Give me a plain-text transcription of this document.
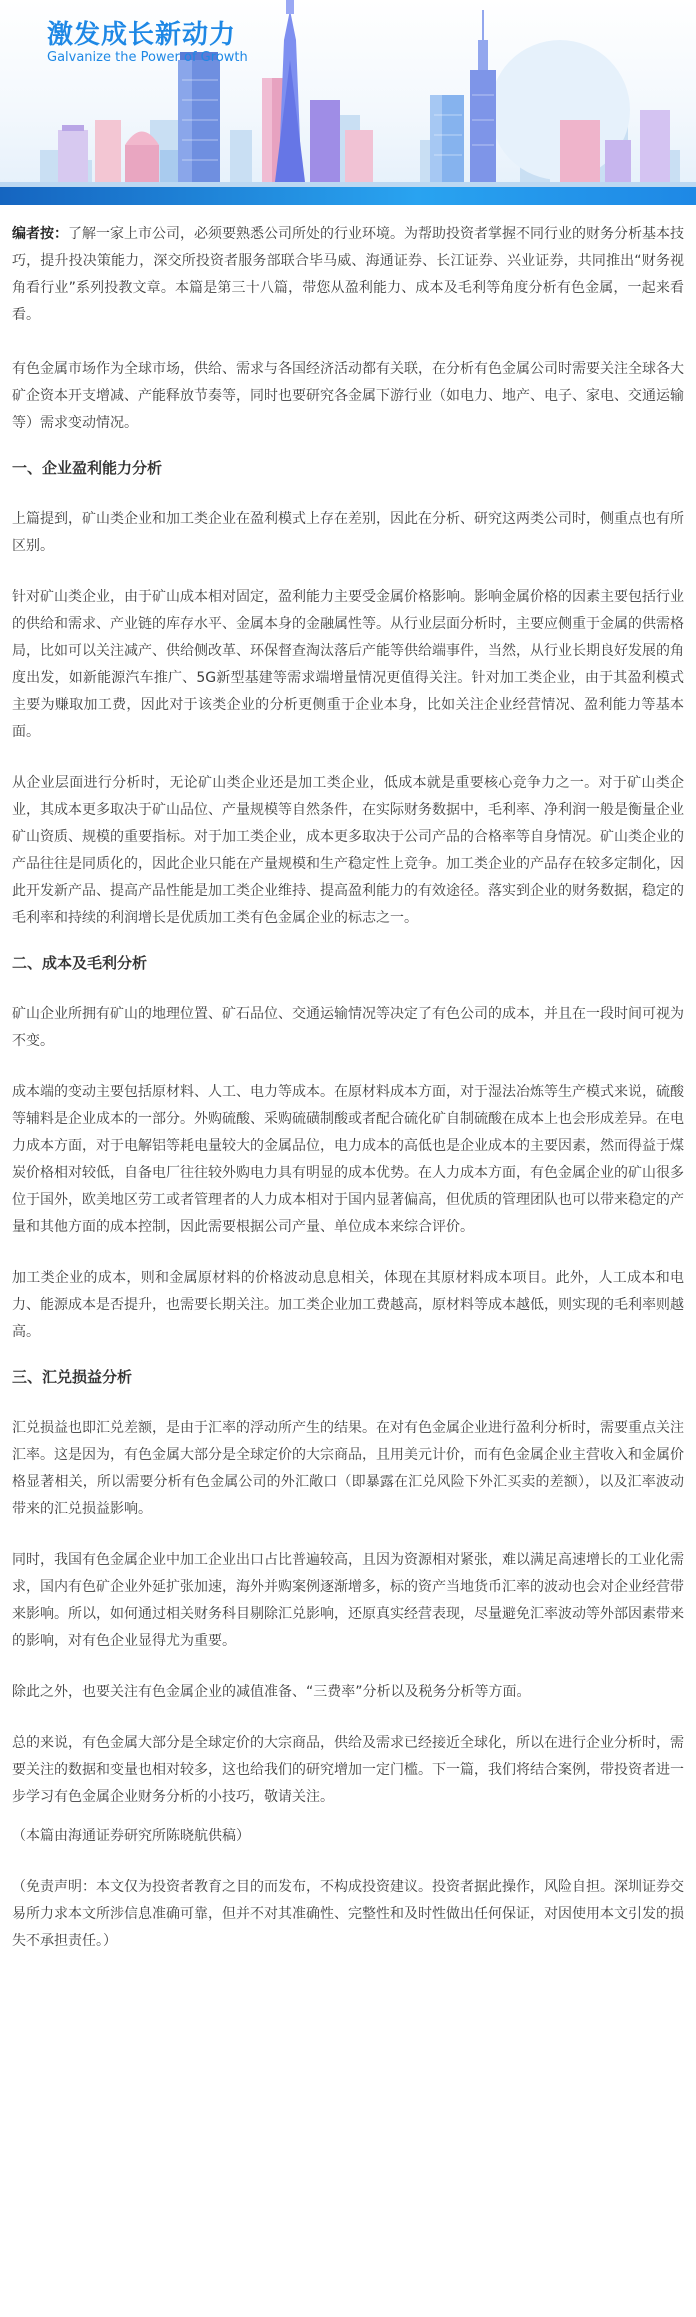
激发成长新动力
Galvanize the Power of Growth

编者按：了解一家上市公司，必须要熟悉公司所处的行业环境。为帮助投资者掌握不同行业的财务分析基本技巧，提升投决策能力，深交所投资者服务部联合毕马威、海通证券、长江证券、兴业证券，共同推出“财务视角看行业”系列投教文章。本篇是第三十八篇，带您从盈利能力、成本及毛利等角度分析有色金属，一起来看看。

有色金属市场作为全球市场，供给、需求与各国经济活动都有关联，在分析有色金属公司时需要关注全球各大矿企资本开支增减、产能释放节奏等，同时也要研究各金属下游行业（如电力、地产、电子、家电、交通运输等）需求变动情况。

一、企业盈利能力分析

上篇提到，矿山类企业和加工类企业在盈利模式上存在差别，因此在分析、研究这两类公司时，侧重点也有所区别。

针对矿山类企业，由于矿山成本相对固定，盈利能力主要受金属价格影响。影响金属价格的因素主要包括行业的供给和需求、产业链的库存水平、金属本身的金融属性等。从行业层面分析时，主要应侧重于金属的供需格局，比如可以关注减产、供给侧改革、环保督查淘汰落后产能等供给端事件，当然，从行业长期良好发展的角度出发，如新能源汽车推广、5G新型基建等需求端增量情况更值得关注。针对加工类企业，由于其盈利模式主要为赚取加工费，因此对于该类企业的分析更侧重于企业本身，比如关注企业经营情况、盈利能力等基本面。

从企业层面进行分析时，无论矿山类企业还是加工类企业，低成本就是重要核心竞争力之一。对于矿山类企业，其成本更多取决于矿山品位、产量规模等自然条件，在实际财务数据中，毛利率、净利润一般是衡量企业矿山资质、规模的重要指标。对于加工类企业，成本更多取决于公司产品的合格率等自身情况。矿山类企业的产品往往是同质化的，因此企业只能在产量规模和生产稳定性上竞争。加工类企业的产品存在较多定制化，因此开发新产品、提高产品性能是加工类企业维持、提高盈利能力的有效途径。落实到企业的财务数据，稳定的毛利率和持续的利润增长是优质加工类有色金属企业的标志之一。

二、成本及毛利分析

矿山企业所拥有矿山的地理位置、矿石品位、交通运输情况等决定了有色公司的成本，并且在一段时间可视为不变。

成本端的变动主要包括原材料、人工、电力等成本。在原材料成本方面，对于湿法冶炼等生产模式来说，硫酸等辅料是企业成本的一部分。外购硫酸、采购硫磺制酸或者配合硫化矿自制硫酸在成本上也会形成差异。在电力成本方面，对于电解铝等耗电量较大的金属品位，电力成本的高低也是企业成本的主要因素，然而得益于煤炭价格相对较低，自备电厂往往较外购电力具有明显的成本优势。在人力成本方面，有色金属企业的矿山很多位于国外，欧美地区劳工或者管理者的人力成本相对于国内显著偏高，但优质的管理团队也可以带来稳定的产量和其他方面的成本控制，因此需要根据公司产量、单位成本来综合评价。

加工类企业的成本，则和金属原材料的价格波动息息相关，体现在其原材料成本项目。此外，人工成本和电力、能源成本是否提升，也需要长期关注。加工类企业加工费越高，原材料等成本越低，则实现的毛利率则越高。

三、汇兑损益分析

汇兑损益也即汇兑差额，是由于汇率的浮动所产生的结果。在对有色金属企业进行盈利分析时，需要重点关注汇率。这是因为，有色金属大部分是全球定价的大宗商品，且用美元计价，而有色金属企业主营收入和金属价格显著相关，所以需要分析有色金属公司的外汇敞口（即暴露在汇兑风险下外汇买卖的差额），以及汇率波动带来的汇兑损益影响。

同时，我国有色金属企业中加工企业出口占比普遍较高，且因为资源相对紧张，难以满足高速增长的工业化需求，国内有色矿企业外延扩张加速，海外并购案例逐渐增多，标的资产当地货币汇率的波动也会对企业经营带来影响。所以，如何通过相关财务科目剔除汇兑影响，还原真实经营表现，尽量避免汇率波动等外部因素带来的影响，对有色企业显得尤为重要。

除此之外，也要关注有色金属企业的减值准备、“三费率”分析以及税务分析等方面。

总的来说，有色金属大部分是全球定价的大宗商品，供给及需求已经接近全球化，所以在进行企业分析时，需要关注的数据和变量也相对较多，这也给我们的研究增加一定门槛。下一篇，我们将结合案例，带投资者进一步学习有色金属企业财务分析的小技巧，敬请关注。

（本篇由海通证券研究所陈晓航供稿）

（免责声明：本文仅为投资者教育之目的而发布，不构成投资建议。投资者据此操作，风险自担。深圳证券交易所力求本文所涉信息准确可靠，但并不对其准确性、完整性和及时性做出任何保证，对因使用本文引发的损失不承担责任。）
